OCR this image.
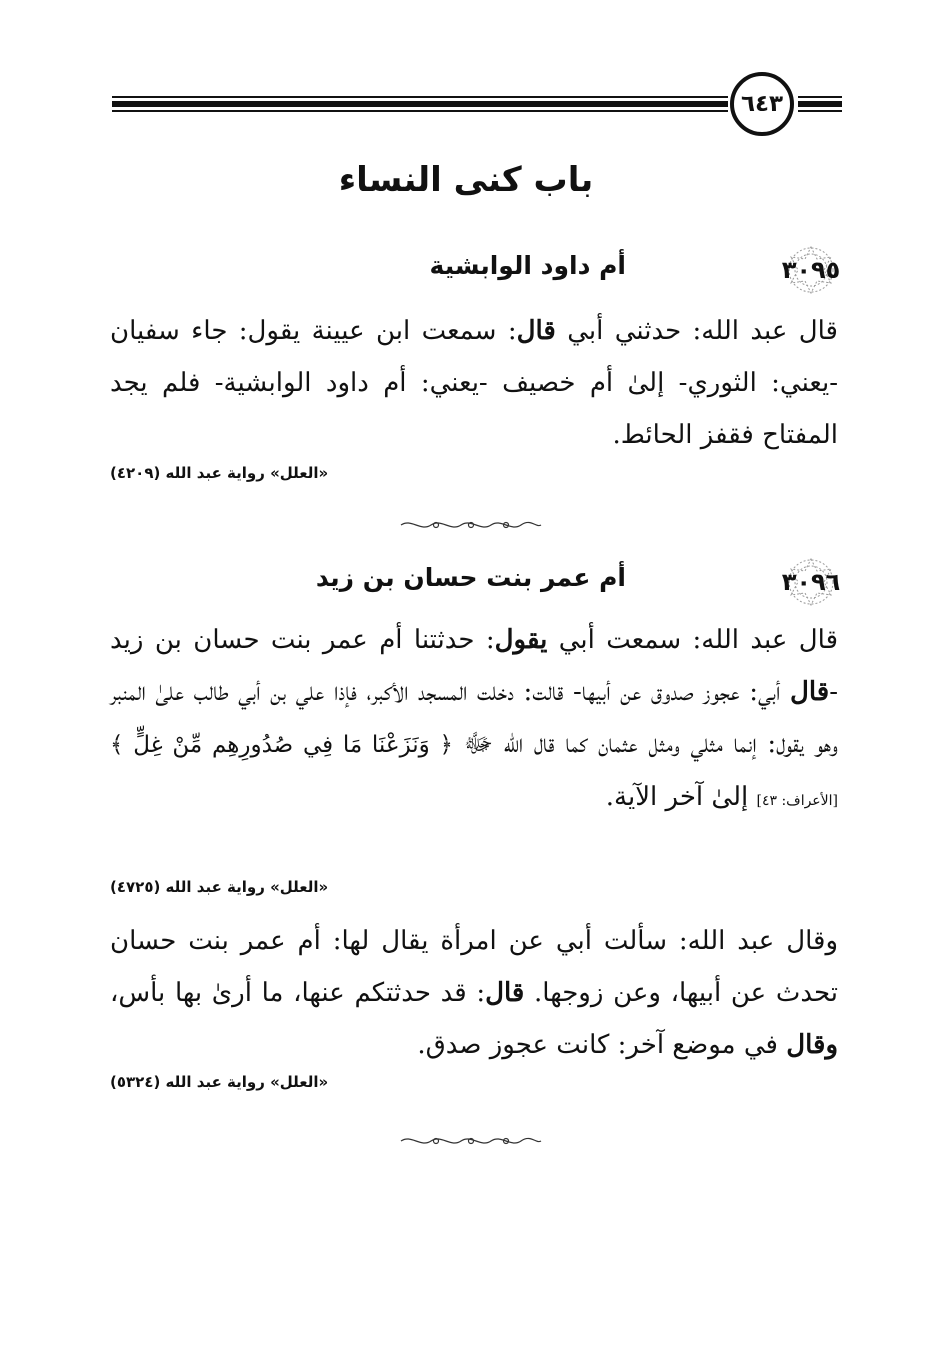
٦٤٣
باب كنى النساء
٣٠٩٥
أم داود الوابشية
قال عبد الله: حدثني أبي قال: سمعت ابن عيينة يقول: جاء سفيان -يعني: الثوري- إلىٰ أم خصيف -يعني: أم داود الوابشية- فلم يجد المفتاح فقفز الحائط.
«العلل» رواية عبد الله (٤٢٠٩)
٣٠٩٦
أم عمر بنت حسان بن زيد
قال عبد الله: سمعت أبي يقول: حدثتنا أم عمر بنت حسان بن زيد -قال أبي: عجوز صدوق عن أبيها- قالت: دخلت المسجد الأكبر، فإذا علي بن أبي طالب علىٰ المنبر وهو يقول: إنما مثلي ومثل عثمان كما قال الله ﷻ ﴿ وَنَزَعْنَا مَا فِي صُدُورِهِم مِّنْ غِلٍّ ﴾ [الأعراف: ٤٣] إلىٰ آخر الآية.
«العلل» رواية عبد الله (٤٧٢٥)
وقال عبد الله: سألت أبي عن امرأة يقال لها: أم عمر بنت حسان تحدث عن أبيها، وعن زوجها. قال: قد حدثتكم عنها، ما أرىٰ بها بأس، وقال في موضع آخر: كانت عجوز صدق.
«العلل» رواية عبد الله (٥٣٢٤)
